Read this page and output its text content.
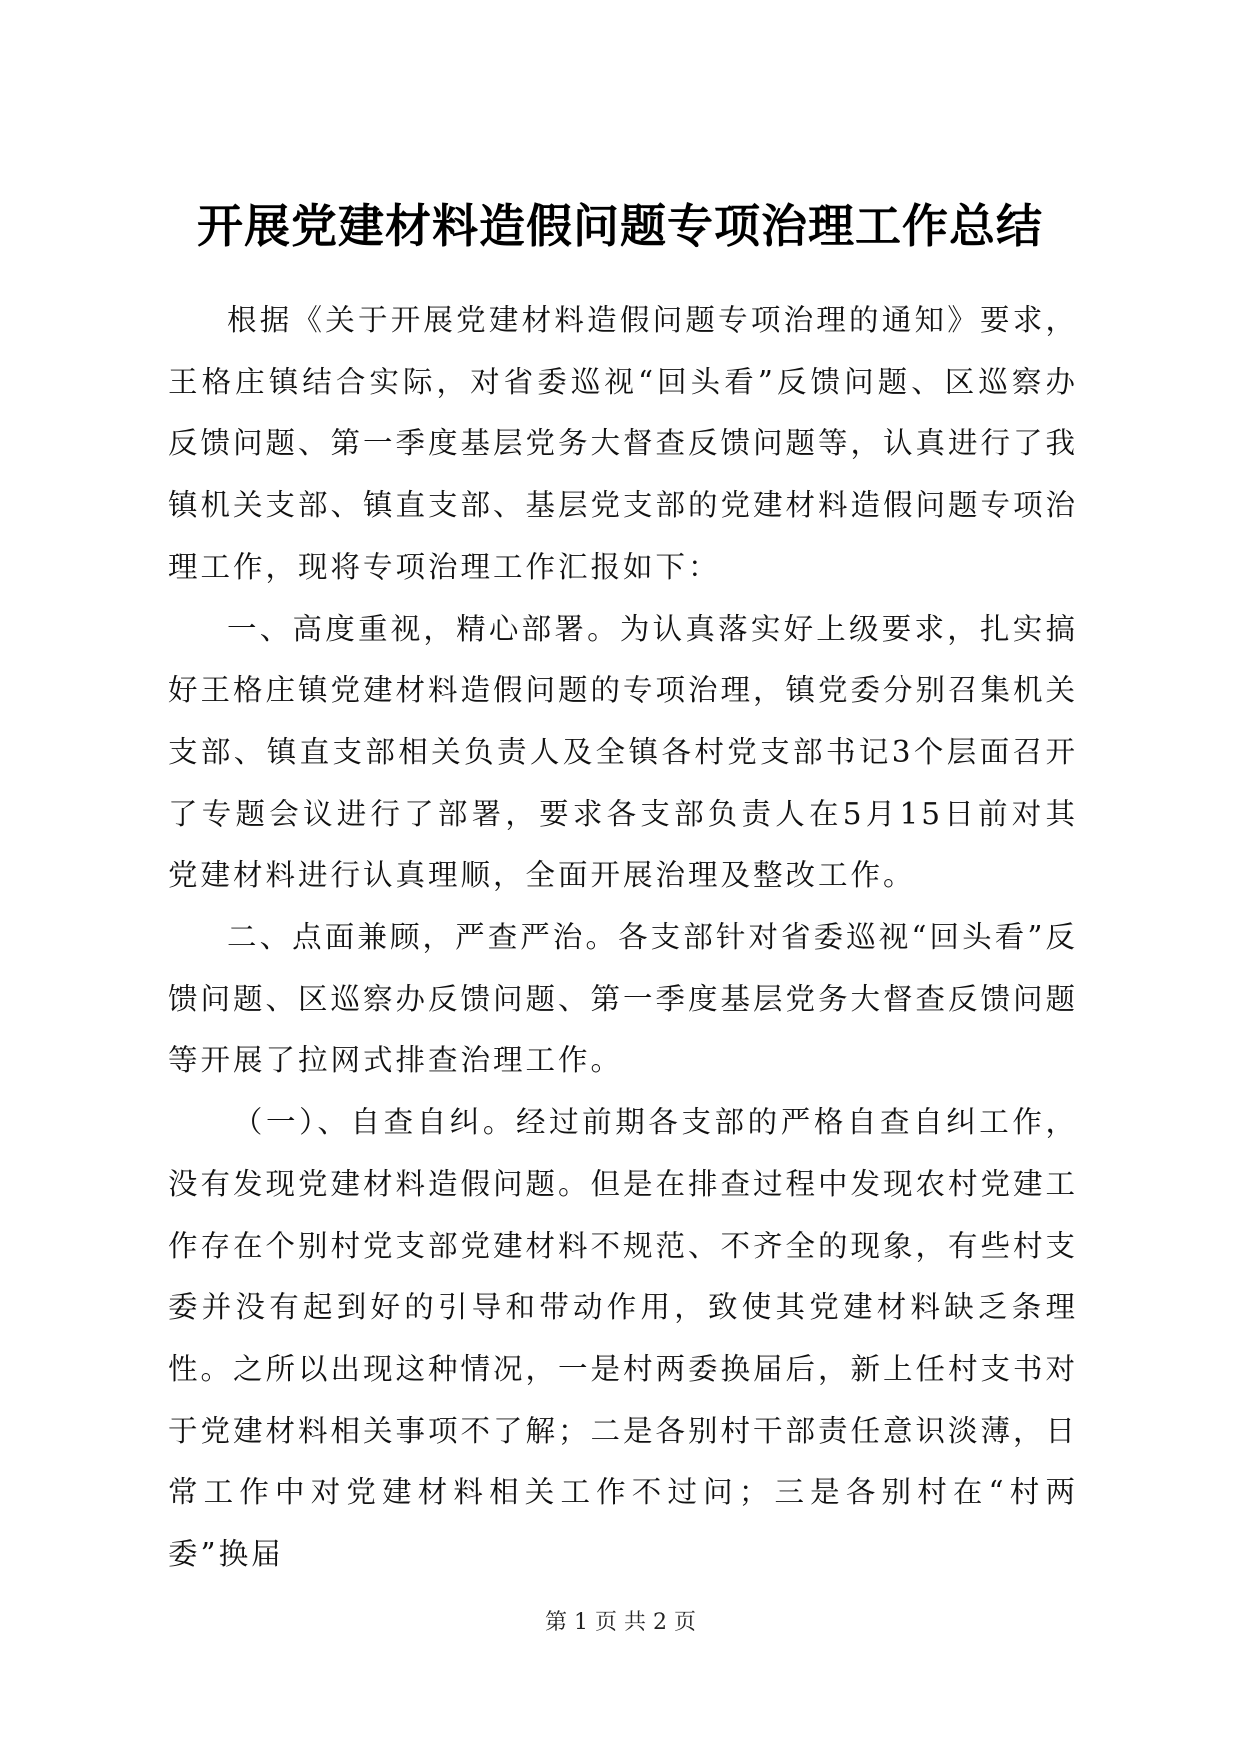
开展党建材料造假问题专项治理工作总结

根据《关于开展党建材料造假问题专项治理的通知》要求，王格庄镇结合实际，对省委巡视“回头看”反馈问题、区巡察办反馈问题、第一季度基层党务大督查反馈问题等，认真进行了我镇机关支部、镇直支部、基层党支部的党建材料造假问题专项治理工作，现将专项治理工作汇报如下：

一、高度重视，精心部署。为认真落实好上级要求，扎实搞好王格庄镇党建材料造假问题的专项治理，镇党委分别召集机关支部、镇直支部相关负责人及全镇各村党支部书记3个层面召开了专题会议进行了部署，要求各支部负责人在5月15日前对其党建材料进行认真理顺，全面开展治理及整改工作。

二、点面兼顾，严查严治。各支部针对省委巡视“回头看”反馈问题、区巡察办反馈问题、第一季度基层党务大督查反馈问题等开展了拉网式排查治理工作。

（一）、自查自纠。经过前期各支部的严格自查自纠工作，没有发现党建材料造假问题。但是在排查过程中发现农村党建工作存在个别村党支部党建材料不规范、不齐全的现象，有些村支委并没有起到好的引导和带动作用，致使其党建材料缺乏条理性。之所以出现这种情况，一是村两委换届后，新上任村支书对于党建材料相关事项不了解；二是各别村干部责任意识淡薄，日常工作中对党建材料相关工作不过问；三是各别村在“村两委”换届

第 1 页 共 2 页
